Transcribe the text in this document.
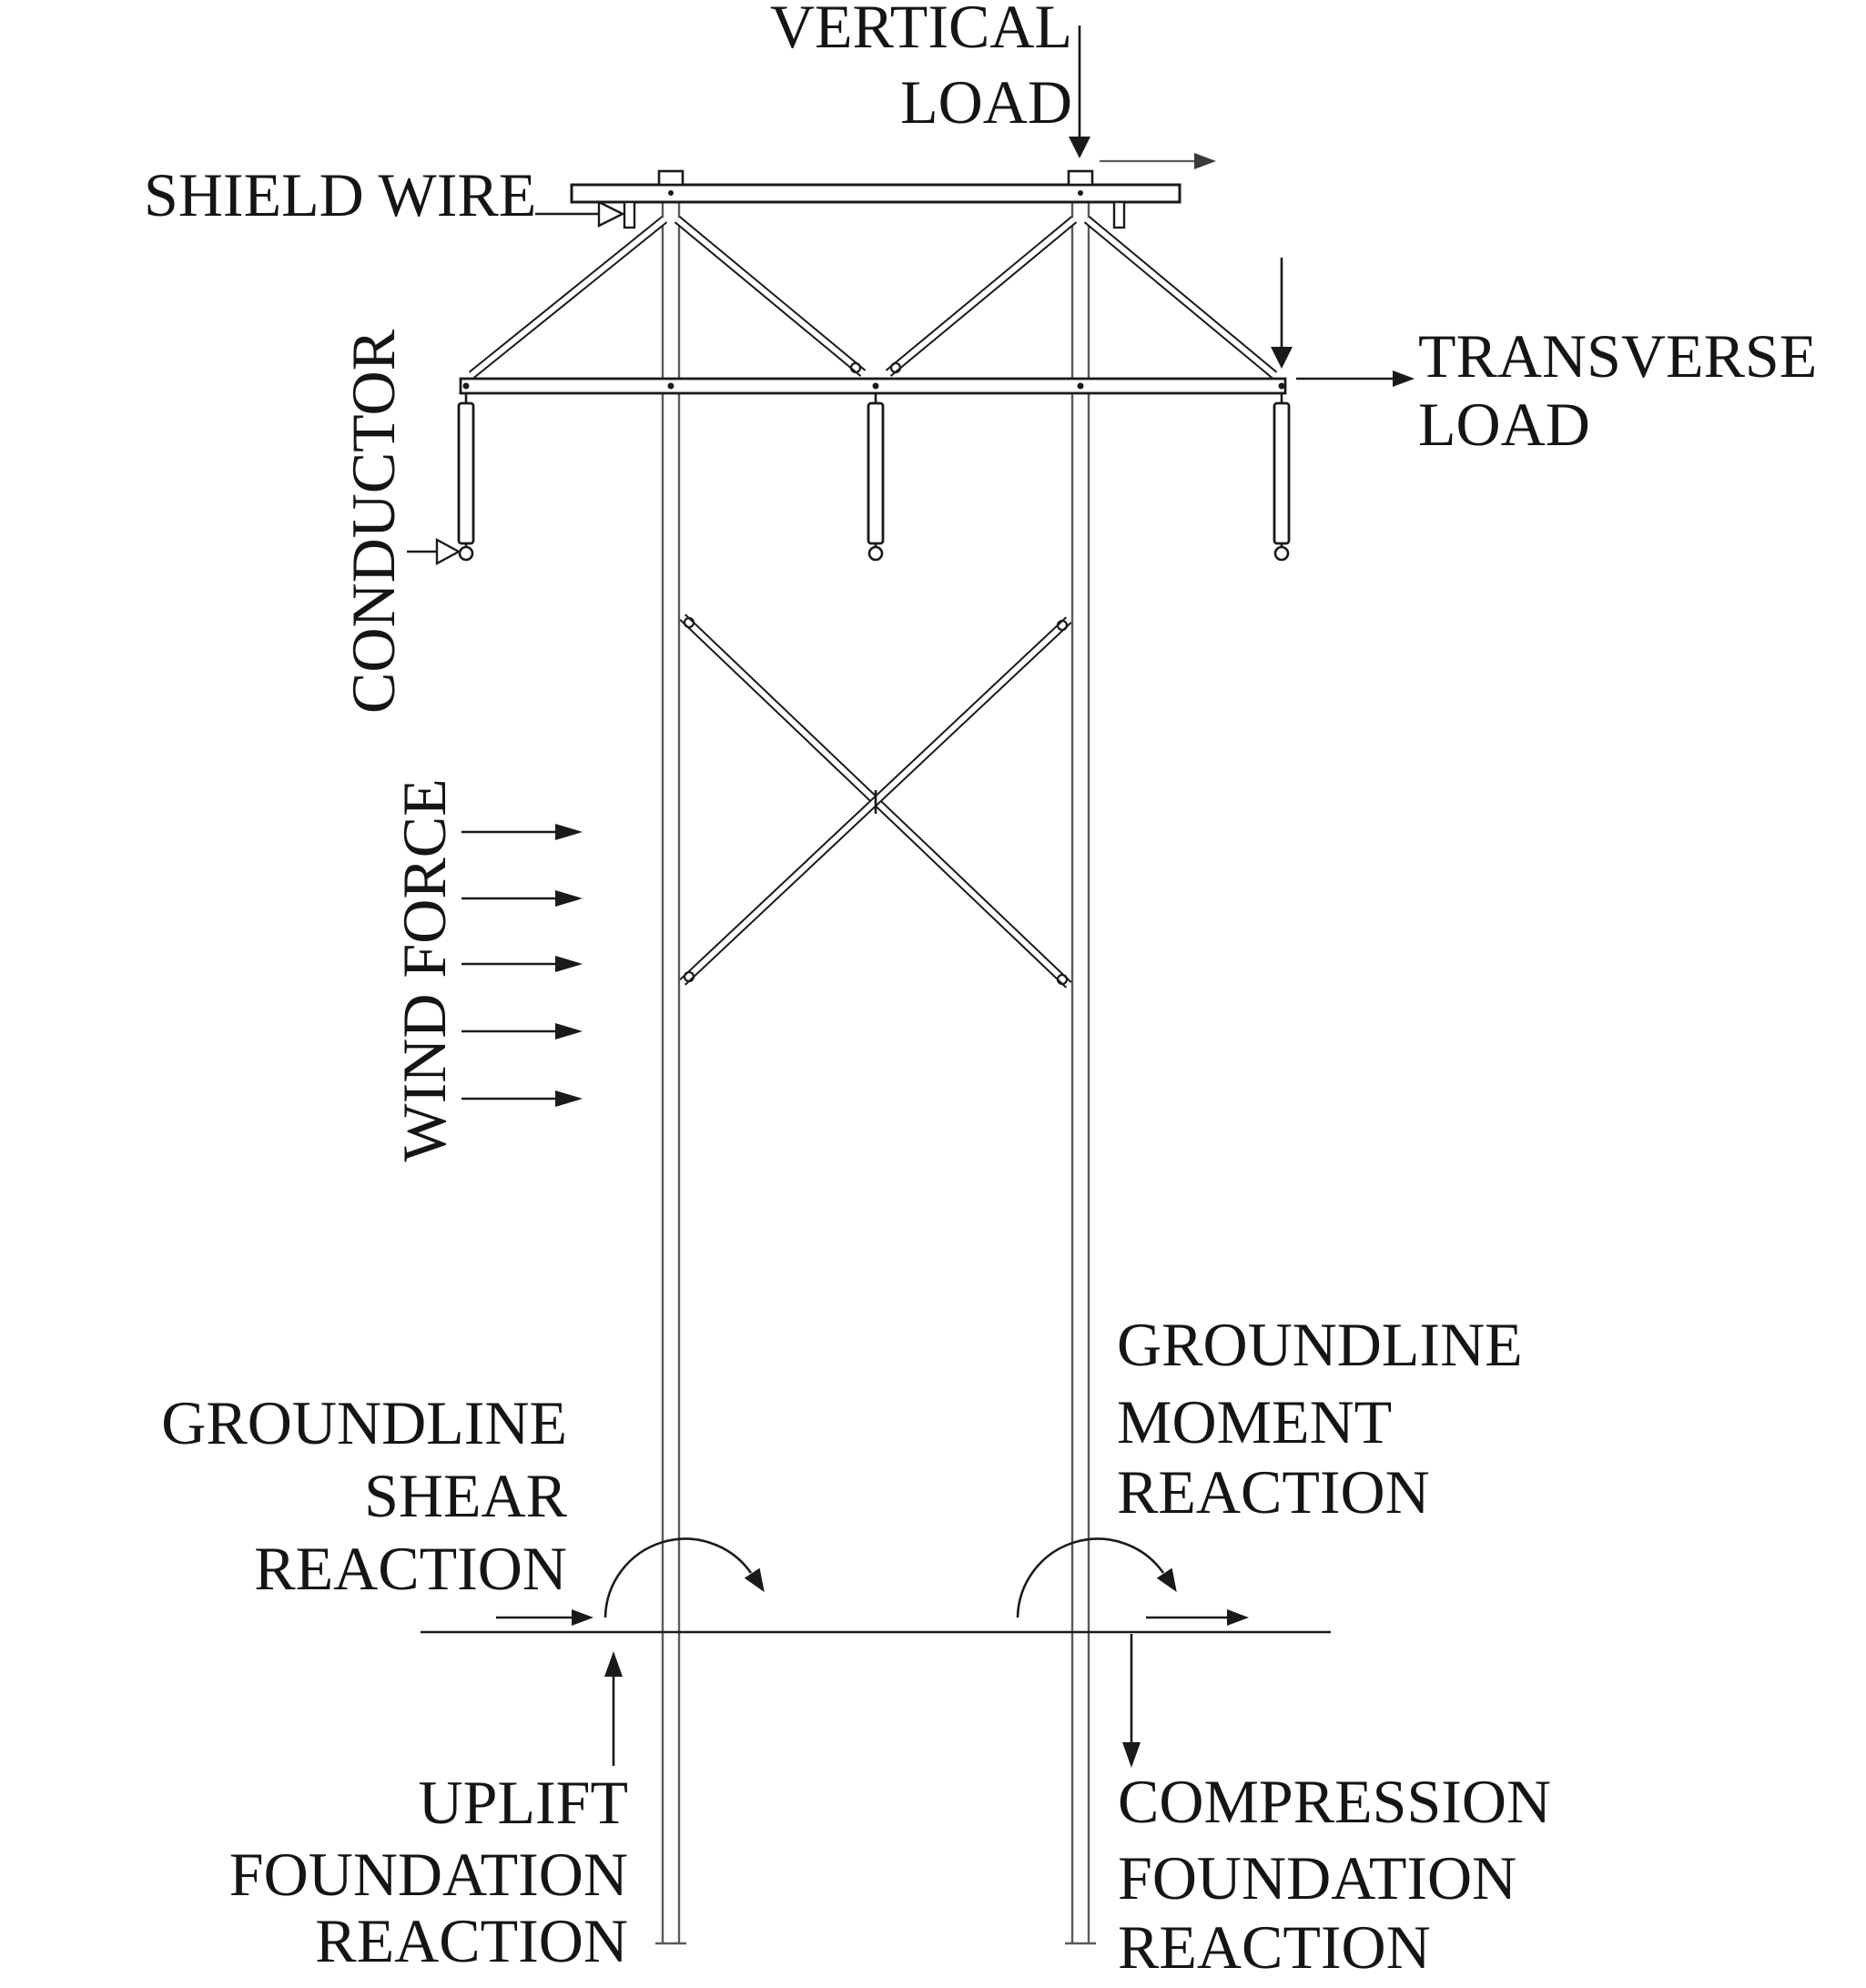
VERTICAL
LOAD
SHIELD WIRE
TRANSVERSE
LOAD
CONDUCTOR
WIND FORCE
GROUNDLINE
SHEAR
REACTION
GROUNDLINE
MOMENT
REACTION
UPLIFT
FOUNDATION
REACTION
COMPRESSION
FOUNDATION
REACTION
